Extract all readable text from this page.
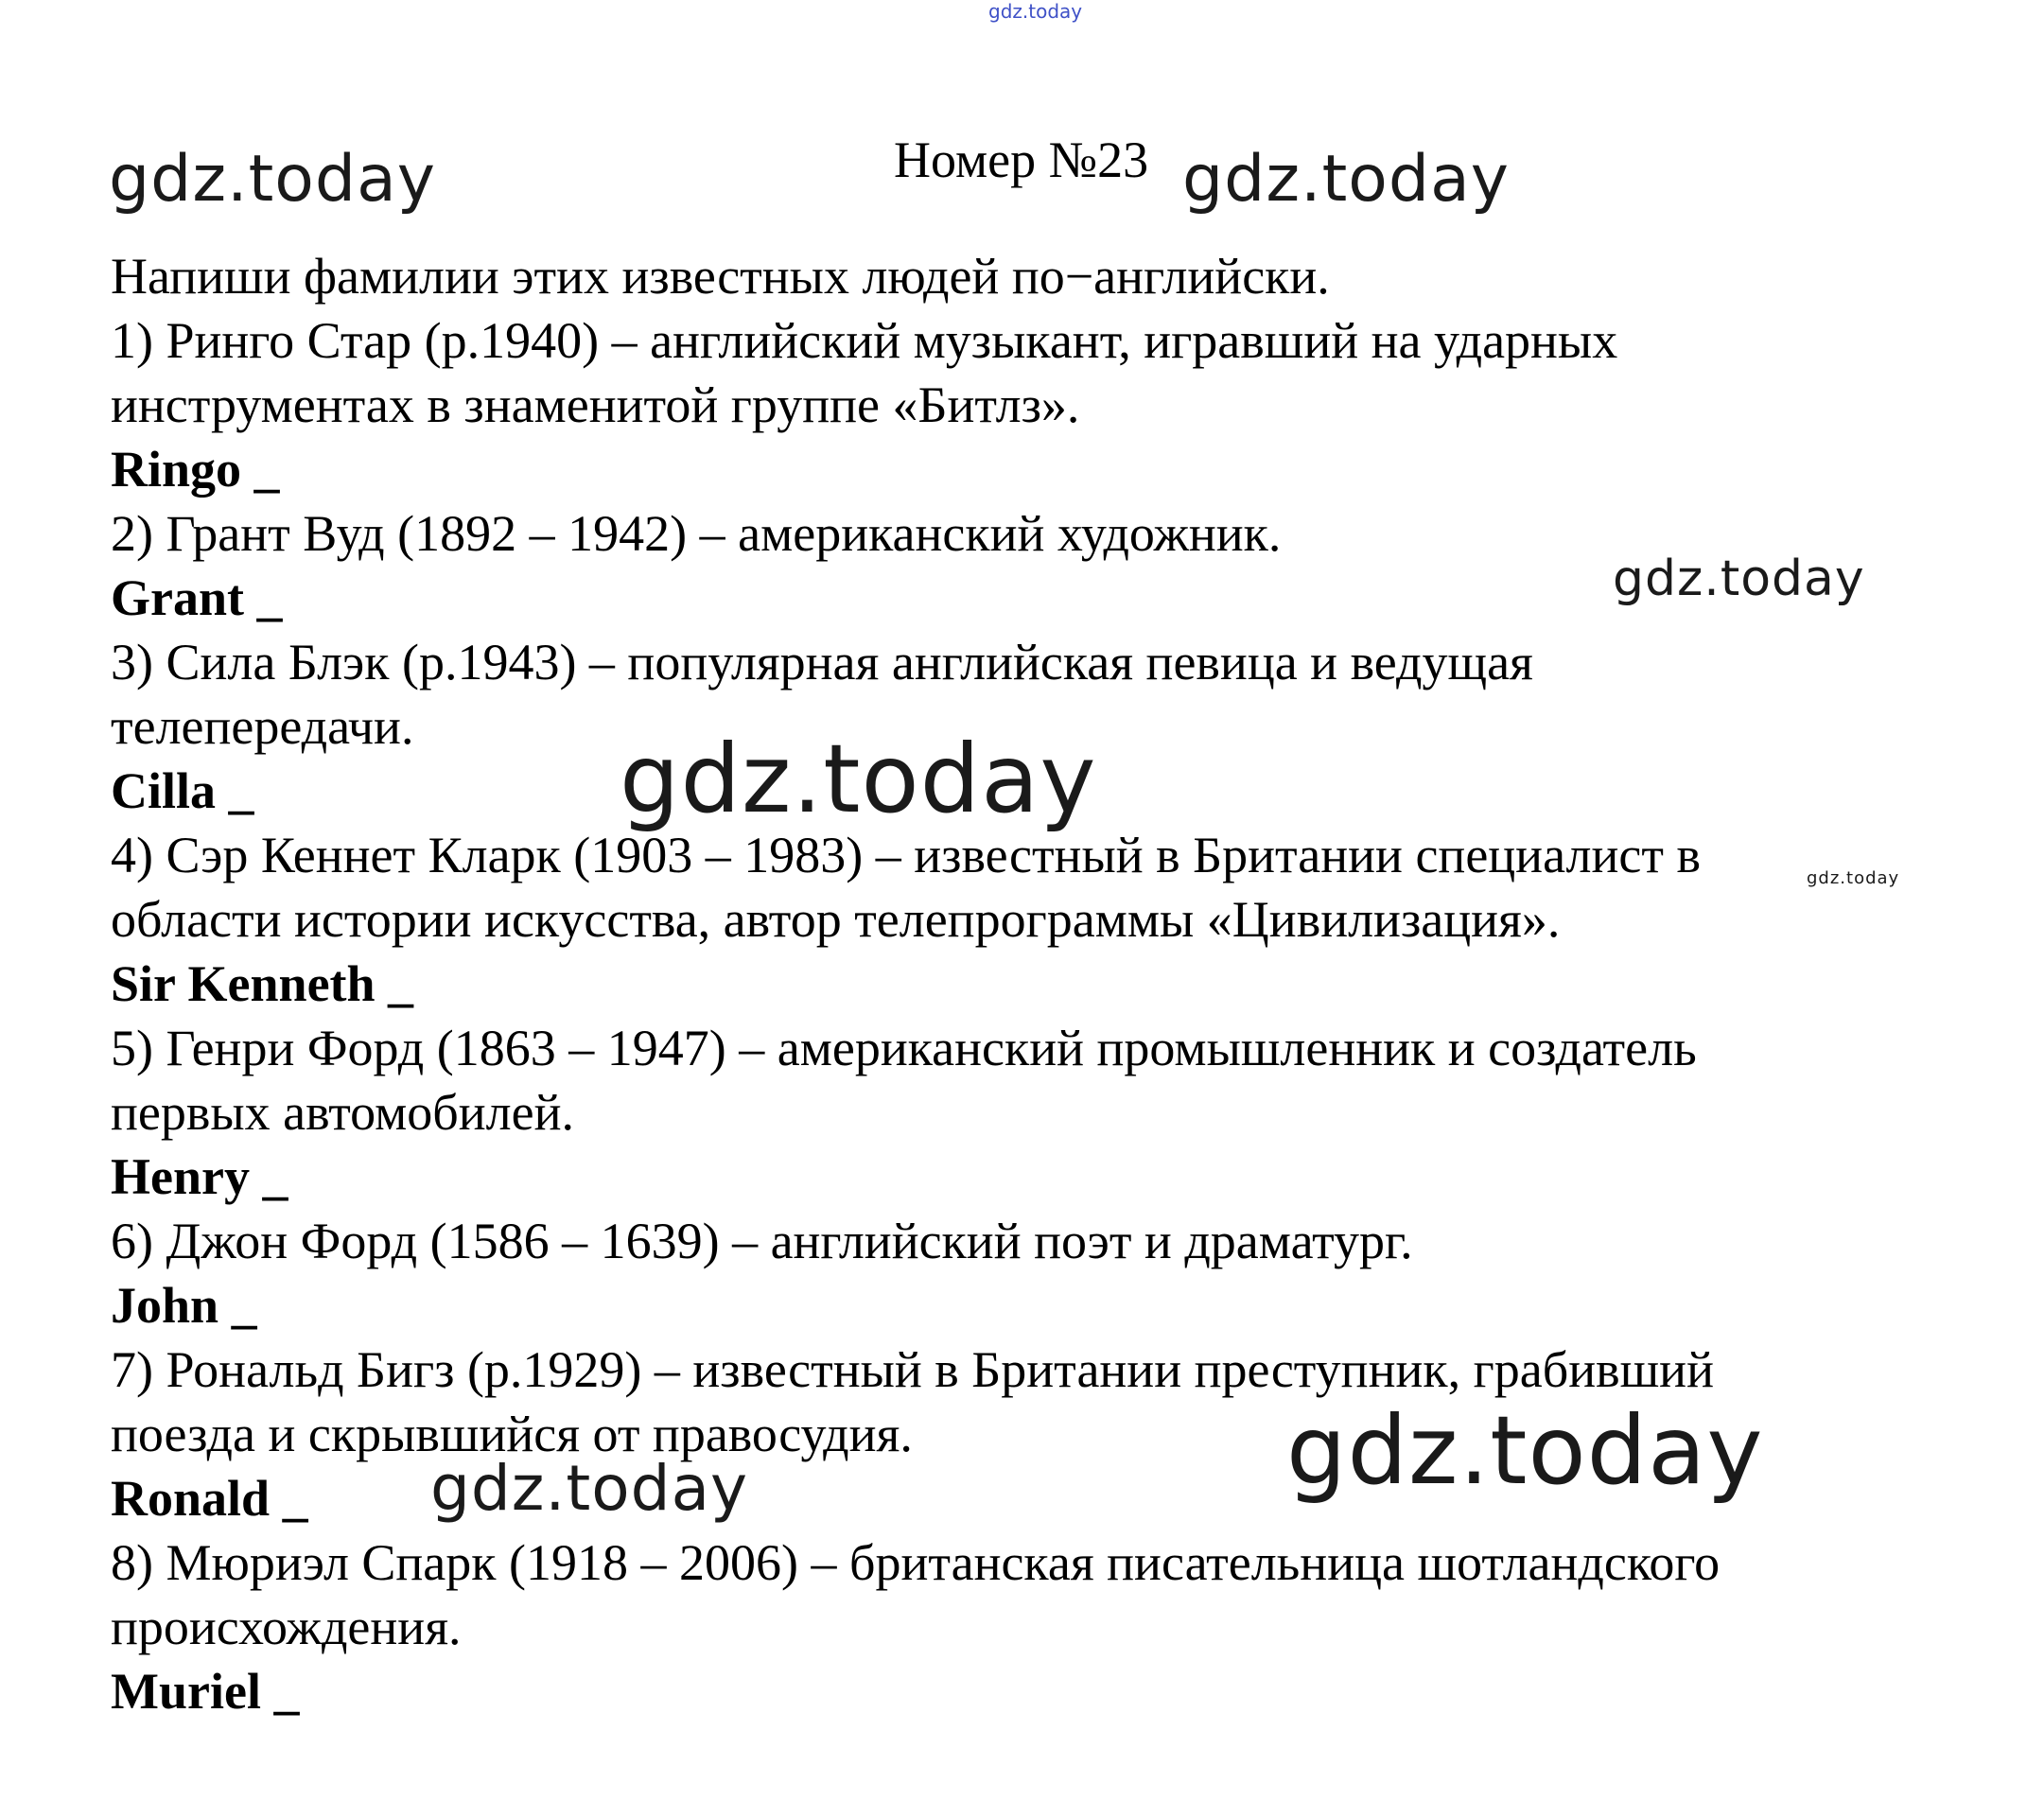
gdz.today
gdz.today	gdz.today
gdz.today
gdz.today
gdz.today
gdz.today	gdz.today
Номер №23
Напиши фамилии этих известных людей по−английски.
1) Ринго Стар (р.1940) – английский музыкант, игравший на ударных
инструментах в знаменитой группе «Битлз».
Ringo _
2) Грант Вуд (1892 – 1942) – американский художник.
Grant _
3) Сила Блэк (р.1943) – популярная английская певица и ведущая
телепередачи.
Cilla _
4) Сэр Кеннет Кларк (1903 – 1983) – известный в Британии специалист в
области истории искусства, автор телепрограммы «Цивилизация».
Sir Kenneth _
5) Генри Форд (1863 – 1947) – американский промышленник и создатель
первых автомобилей.
Henry _
6) Джон Форд (1586 – 1639) – английский поэт и драматург.
John _
7) Рональд Бигз (р.1929) – известный в Британии преступник, грабивший
поезда и скрывшийся от правосудия.
Ronald _
8) Мюриэл Спарк (1918 – 2006) – британская писательница шотландского
происхождения.
Muriel _
